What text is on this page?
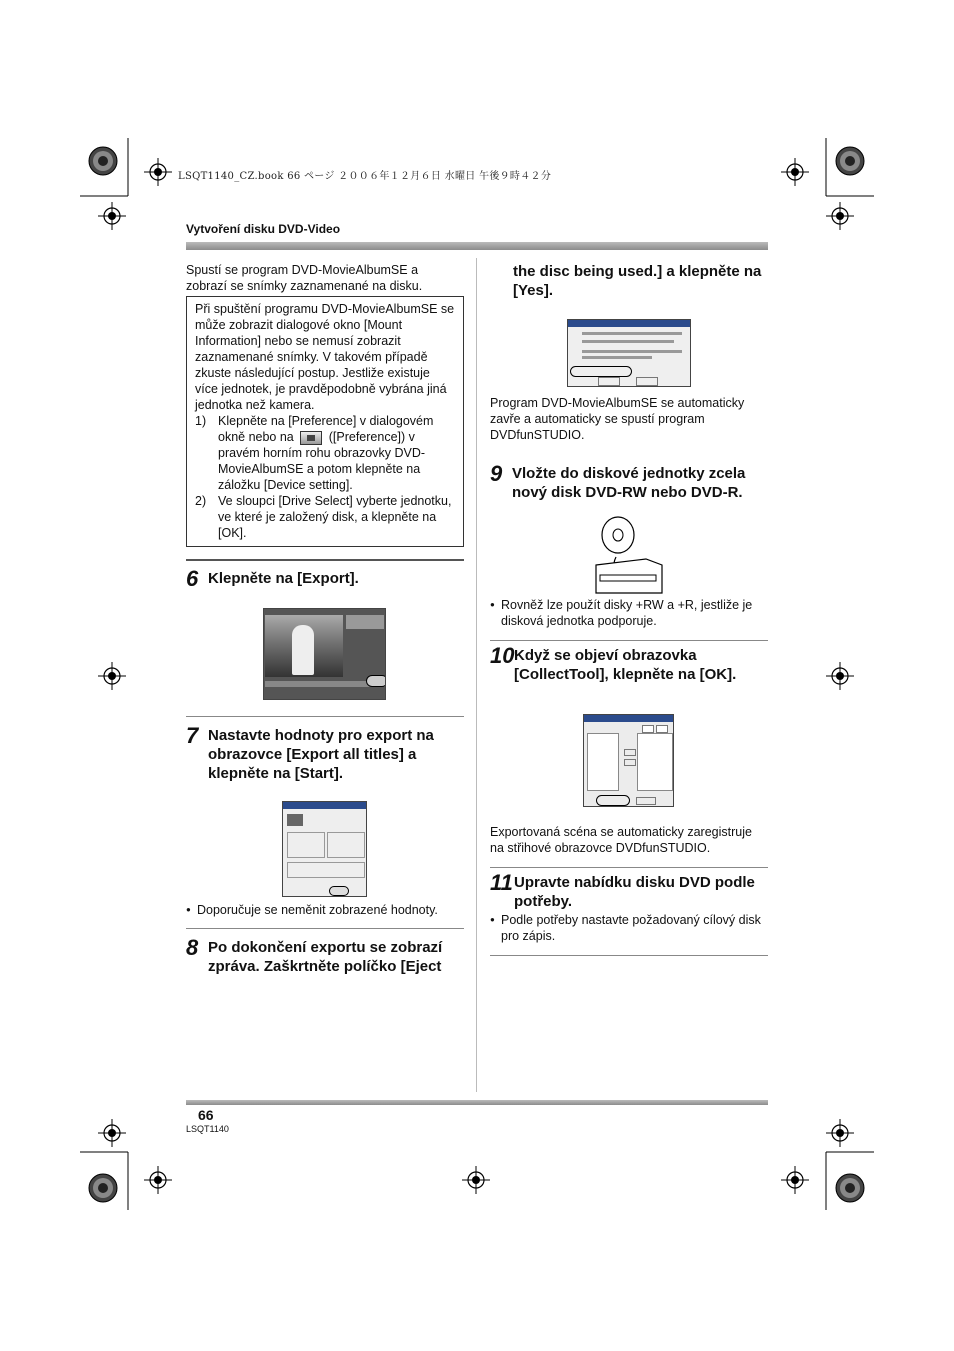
LSQT1140_CZ.book 66 ページ ２００６年１２月６日 水曜日 午後９時４２分
Vytvoření disku DVD-Video
Spustí se program DVD-MovieAlbumSE a zobrazí se snímky zaznamenané na disku.
Při spuštění programu DVD-MovieAlbumSE se může zobrazit dialogové okno [Mount Information] nebo se nemusí zobrazit zaznamenané snímky. V takovém případě zkuste následující postup. Jestliže existuje více jednotek, je pravděpodobně vybrána jiná jednotka než kamera.
1) Klepněte na [Preference] v dialogovém okně nebo na	([Preference]) v pravém horním rohu obrazovky DVD-MovieAlbumSE a potom klepněte na záložku [Device setting].
2) Ve sloupci [Drive Select] vyberte jednotku, ve které je založený disk, a klepněte na [OK].
6 Klepněte na [Export].
7 Nastavte hodnoty pro export na obrazovce [Export all titles] a klepněte na [Start].
● Doporučuje se neměnit zobrazené hodnoty.
8 Po dokončení exportu se zobrazí zpráva. Zaškrtněte políčko [Eject
the disc being used.] a klepněte na [Yes].
Program DVD-MovieAlbumSE se automaticky zavře a automaticky se spustí program DVDfunSTUDIO.
9 Vložte do diskové jednotky zcela nový disk DVD-RW nebo DVD-R.
● Rovněž lze použít disky +RW a +R, jestliže je disková jednotka podporuje.
10 Když se objeví obrazovka [CollectTool], klepněte na [OK].
Exportovaná scéna se automaticky zaregistruje na střihové obrazovce DVDfunSTUDIO.
11 Upravte nabídku disku DVD podle potřeby.
● Podle potřeby nastavte požadovaný cílový disk pro zápis.
66
LSQT1140
